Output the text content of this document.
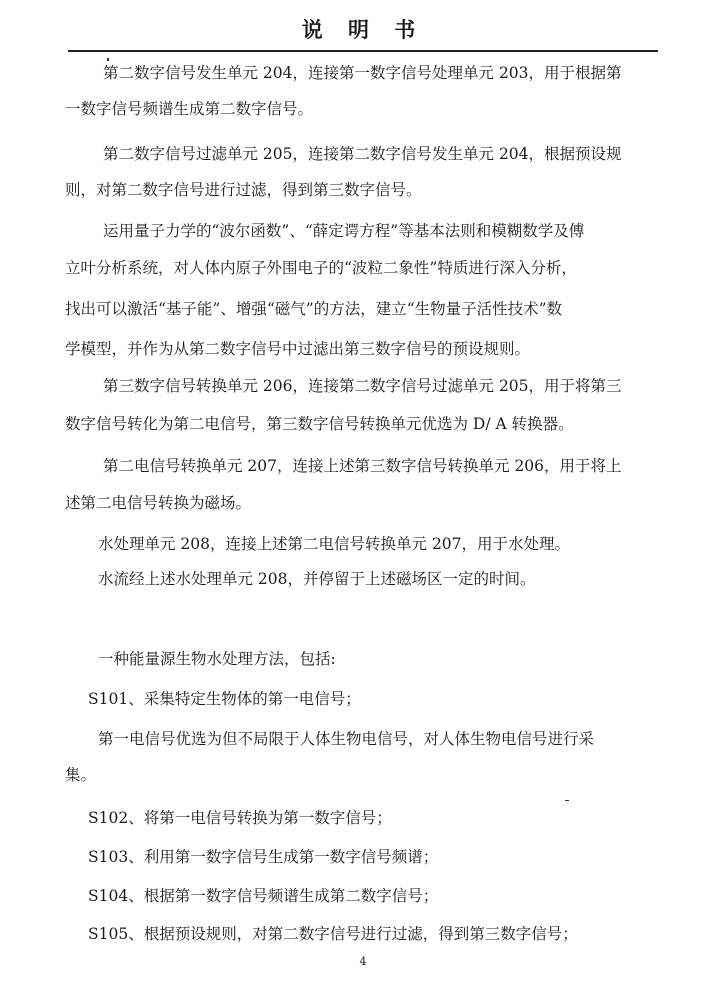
说 明 书
第二数字信号发生单元 204，连接第一数字信号处理单元 203，用于根据第
一数字信号频谱生成第二数字信号。
第二数字信号过滤单元 205，连接第二数字信号发生单元 204，根据预设规
则，对第二数字信号进行过滤，得到第三数字信号。
运用量子力学的“波尔函数”、“薛定谔方程”等基本法则和模糊数学及傅
立叶分析系统，对人体内原子外围电子的“波粒二象性”特质进行深入分析，
找出可以激活“基子能”、增强“磁气”的方法，建立“生物量子活性技术”数
学模型，并作为从第二数字信号中过滤出第三数字信号的预设规则。
第三数字信号转换单元 206，连接第二数字信号过滤单元 205，用于将第三
数字信号转化为第二电信号，第三数字信号转换单元优选为 D/ A 转换器。
第二电信号转换单元 207，连接上述第三数字信号转换单元 206，用于将上
述第二电信号转换为磁场。
水处理单元 208，连接上述第二电信号转换单元 207，用于水处理。
水流经上述水处理单元 208，并停留于上述磁场区一定的时间。
一种能量源生物水处理方法，包括:
S101、采集特定生物体的第一电信号；
第一电信号优选为但不局限于人体生物电信号，对人体生物电信号进行采
集。
S102、将第一电信号转换为第一数字信号；
S103、利用第一数字信号生成第一数字信号频谱；
S104、根据第一数字信号频谱生成第二数字信号；
S105、根据预设规则，对第二数字信号进行过滤，得到第三数字信号；
4
